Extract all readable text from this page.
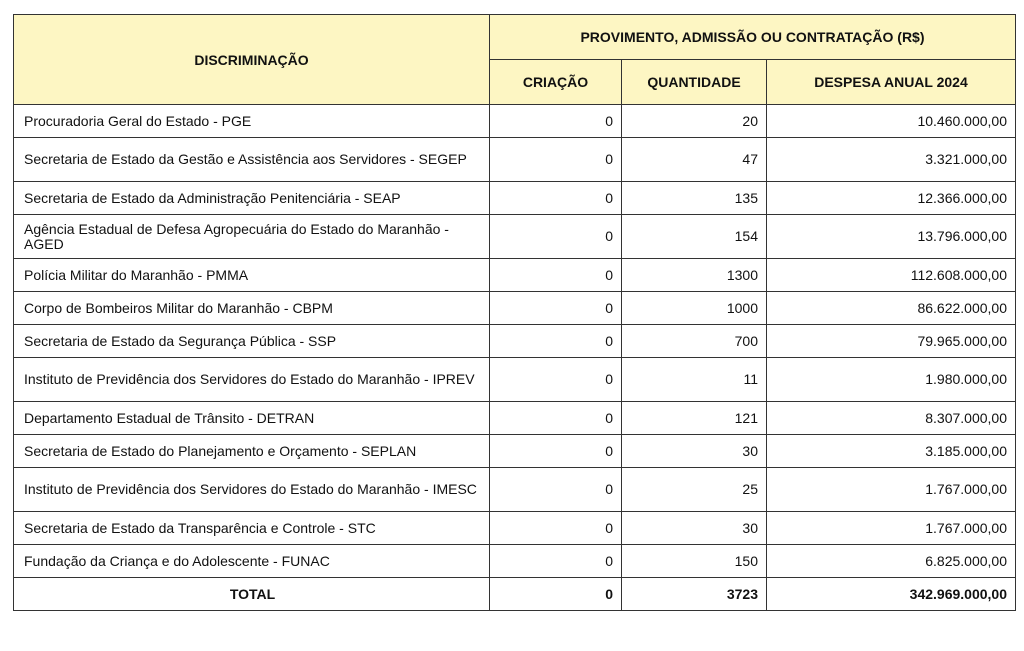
DISCRIMINAÇÃO	PROVIMENTO, ADMISSÃO OU CONTRATAÇÃO (R$)		
	CRIAÇÃO	QUANTIDADE	DESPESA ANUAL 2024
Procuradoria Geral do Estado - PGE	0	20	10.460.000,00
Secretaria de Estado da Gestão e Assistência aos Servidores - SEGEP	0	47	3.321.000,00
Secretaria de Estado da Administração Penitenciária - SEAP	0	135	12.366.000,00
Agência Estadual de Defesa Agropecuária do Estado do Maranhão - AGED	0	154	13.796.000,00
Polícia Militar do Maranhão - PMMA	0	1300	112.608.000,00
Corpo de Bombeiros Militar do Maranhão - CBPM	0	1000	86.622.000,00
Secretaria de Estado da Segurança Pública - SSP	0	700	79.965.000,00
Instituto de Previdência dos Servidores do Estado do Maranhão - IPREV	0	11	1.980.000,00
Departamento Estadual de Trânsito - DETRAN	0	121	8.307.000,00
Secretaria de Estado do Planejamento e Orçamento - SEPLAN	0	30	3.185.000,00
Instituto de Previdência dos Servidores do Estado do Maranhão - IMESC	0	25	1.767.000,00
Secretaria de Estado da Transparência e Controle - STC	0	30	1.767.000,00
Fundação da Criança e do Adolescente - FUNAC	0	150	6.825.000,00
TOTAL	0	3723	342.969.000,00
